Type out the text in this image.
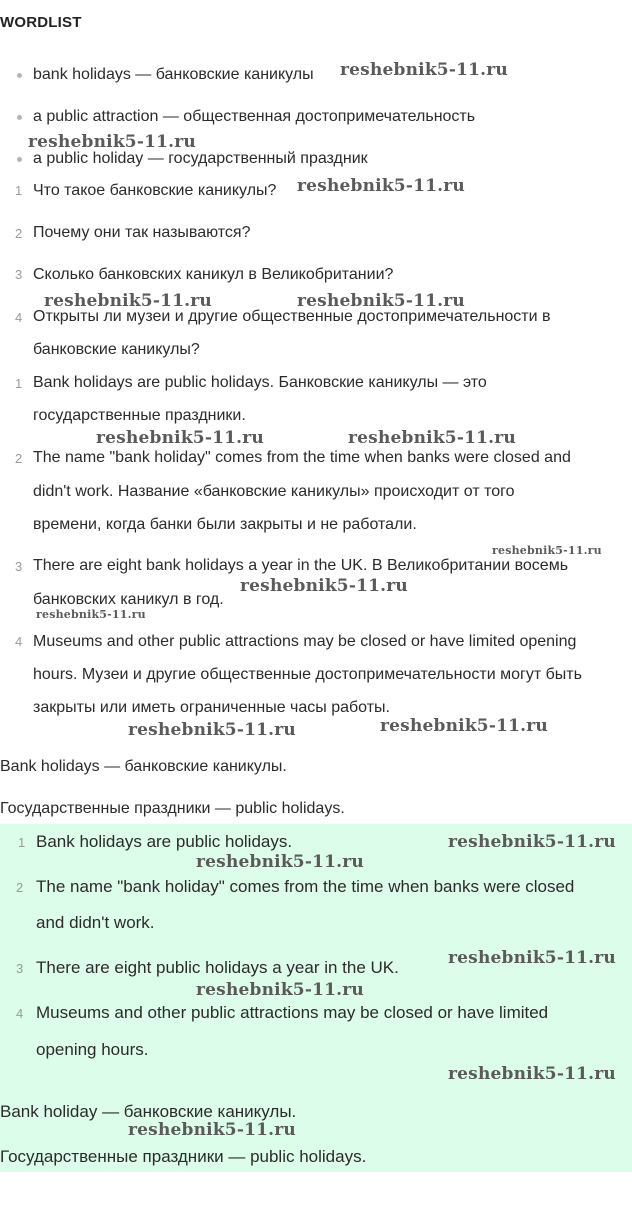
WORDLIST
bank holidays — банковские каникулы
a public attraction — общественная достопримечательность
a public holiday — государственный праздник
1 Что такое банковские каникулы?
2 Почему они так называются?
3 Сколько банковских каникул в Великобритании?
4 Открыты ли музеи и другие общественные достопримечательности в
банковские каникулы?
1 Bank holidays are public holidays. Банковские каникулы — это
государственные праздники.
2 The name "bank holiday" comes from the time when banks were closed and
didn't work. Название «банковские каникулы» происходит от того
времени, когда банки были закрыты и не работали.
3 There are eight bank holidays a year in the UK. В Великобритании восемь
банковских каникул в год.
4 Museums and other public attractions may be closed or have limited opening
hours. Музеи и другие общественные достопримечательности могут быть
закрыты или иметь ограниченные часы работы.
Bank holidays — банковские каникулы.
Государственные праздники — public holidays.
1 Bank holidays are public holidays.
2 The name "bank holiday" comes from the time when banks were closed
and didn't work.
3 There are eight public holidays a year in the UK.
4 Museums and other public attractions may be closed or have limited
opening hours.
Bank holiday — банковские каникулы.
Государственные праздники — public holidays.
reshebnik5-11.ru
reshebnik5-11.ru
reshebnik5-11.ru
reshebnik5-11.ru	reshebnik5-11.ru
reshebnik5-11.ru	reshebnik5-11.ru
reshebnik5-11.ru
reshebnik5-11.ru
reshebnik5-11.ru
reshebnik5-11.ru	reshebnik5-11.ru
reshebnik5-11.ru
reshebnik5-11.ru
reshebnik5-11.ru
reshebnik5-11.ru
reshebnik5-11.ru
reshebnik5-11.ru
